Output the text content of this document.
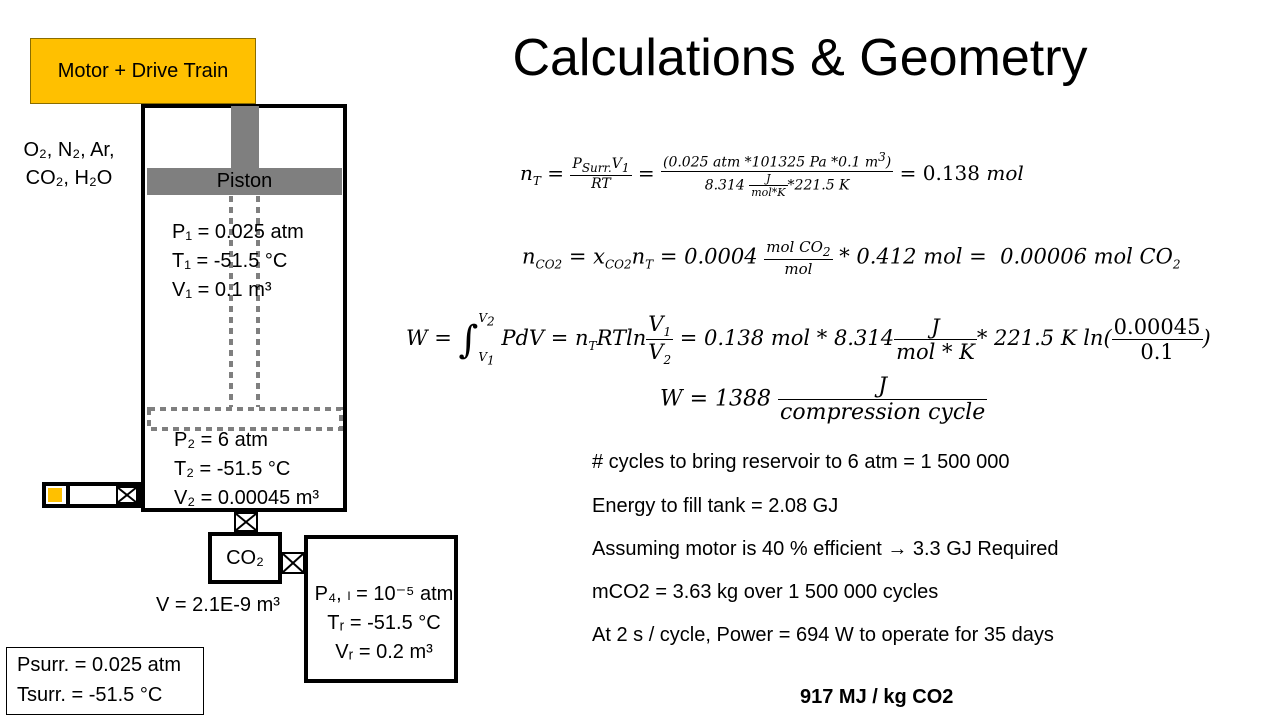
Calculations & Geometry
Motor + Drive Train
Piston
O₂, N₂, Ar,
CO₂, H₂O
P₁ = 0.025 atm
T₁ = -51.5 °C
V₁ = 0.1 m³
P₂ = 6 atm
T₂ = -51.5 °C
V₂ = 0.00045 m³
CO₂
V = 2.1E-9 m³ P₄, ₗ = 10⁻⁵ atm
Tᵣ = -51.5 °C
Vᵣ = 0.2 m³
Psurr. = 0.025 atm
Tsurr. = -51.5 °C
$n_T = \frac{P_{Surr.}V_1}{RT} = \frac{(0.025 atm *101325 Pa *0.1 m^3)}{8.314 \frac{J}{\text{mol*K}} *221.5 K} = 0.138$ mol
$n_{CO2} = x_{CO2}n_T = 0.0004 \frac{mol CO_2}{\text{mol}} * 0.412$ mol =  0.00006 mol $CO_2$
W = ∫ $V_2$
$V_1$
PdV = $n_TRTln \frac{V_1}{V_2} = 0.138$ mol * $8.314 \frac{J}{\text{mol * K}} * 221.5$ K $\ln( \frac{0.00045}{0.1}$ )
$W = 1388 \frac{J}{\text{compression cycle}}$
# cycles to bring reservoir to 6 atm = 1 500 000
Energy to fill tank = 2.08 GJ
Assuming motor is 40 % efficient → 3.3 GJ Required
mCO2 = 3.63 kg over 1 500 000 cycles
At 2 s / cycle, Power = 694 W to operate for 35 days
917 MJ / kg CO2
